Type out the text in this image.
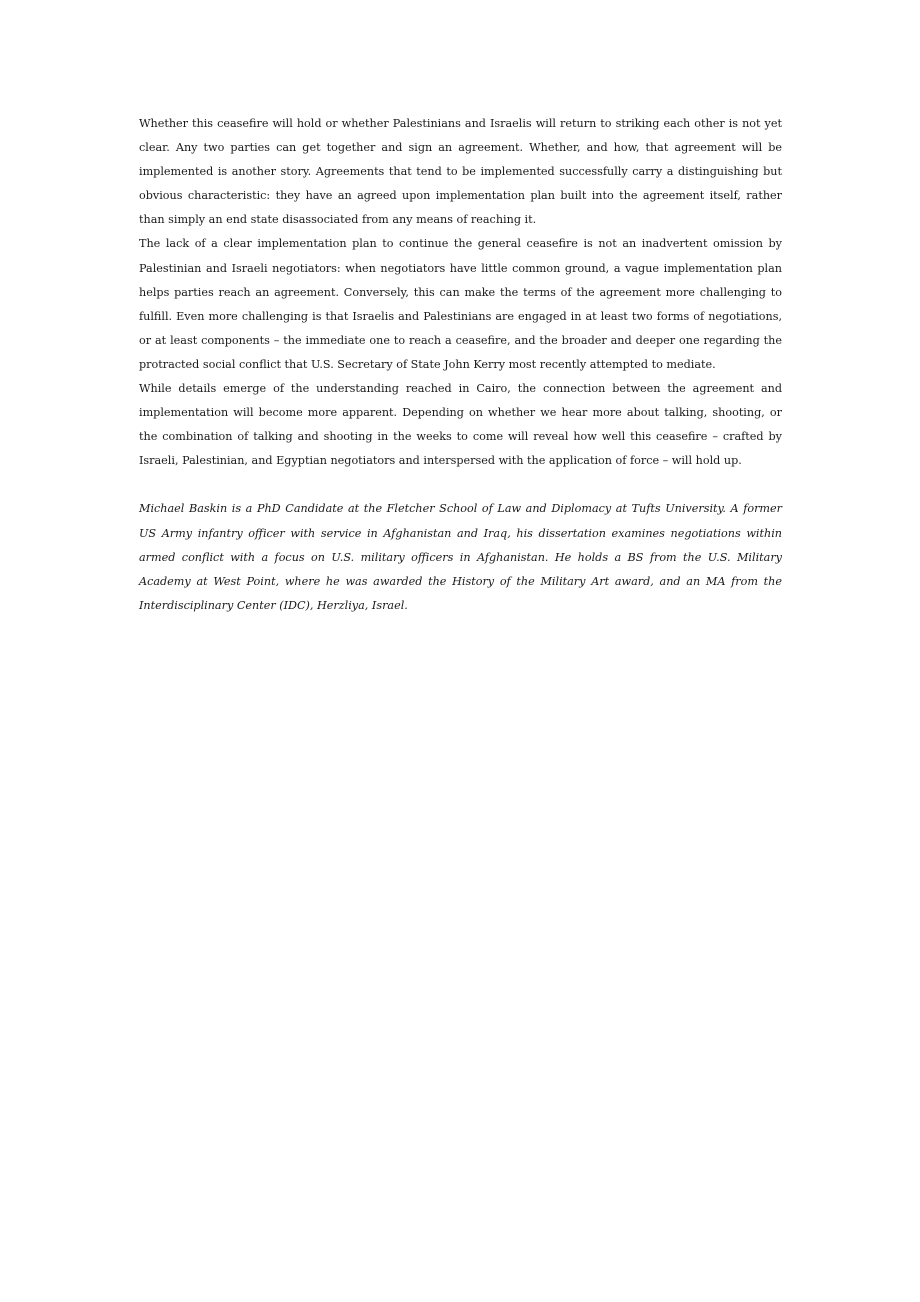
Whether this ceasefire will hold or whether Palestinians and Israelis will return to striking each other is not yet clear. Any two parties can get together and sign an agreement. Whether, and how, that agreement will be implemented is another story. Agreements that tend to be implemented successfully carry a distinguishing but obvious characteristic: they have an agreed upon implementation plan built into the agreement itself, rather than simply an end state disassociated from any means of reaching it.

The lack of a clear implementation plan to continue the general ceasefire is not an inadvertent omission by Palestinian and Israeli negotiators: when negotiators have little common ground, a vague implementation plan helps parties reach an agreement. Conversely, this can make the terms of the agreement more challenging to fulfill. Even more challenging is that Israelis and Palestinians are engaged in at least two forms of negotiations, or at least components – the immediate one to reach a ceasefire, and the broader and deeper one regarding the protracted social conflict that U.S. Secretary of State John Kerry most recently attempted to mediate.

While details emerge of the understanding reached in Cairo, the connection between the agreement and implementation will become more apparent. Depending on whether we hear more about talking, shooting, or the combination of talking and shooting in the weeks to come will reveal how well this ceasefire – crafted by Israeli, Palestinian, and Egyptian negotiators and interspersed with the application of force – will hold up.

Michael Baskin is a PhD Candidate at the Fletcher School of Law and Diplomacy at Tufts University. A former US Army infantry officer with service in Afghanistan and Iraq, his dissertation examines negotiations within armed conflict with a focus on U.S. military officers in Afghanistan. He holds a BS from the U.S. Military Academy at West Point, where he was awarded the History of the Military Art award, and an MA from the Interdisciplinary Center (IDC), Herzliya, Israel.
